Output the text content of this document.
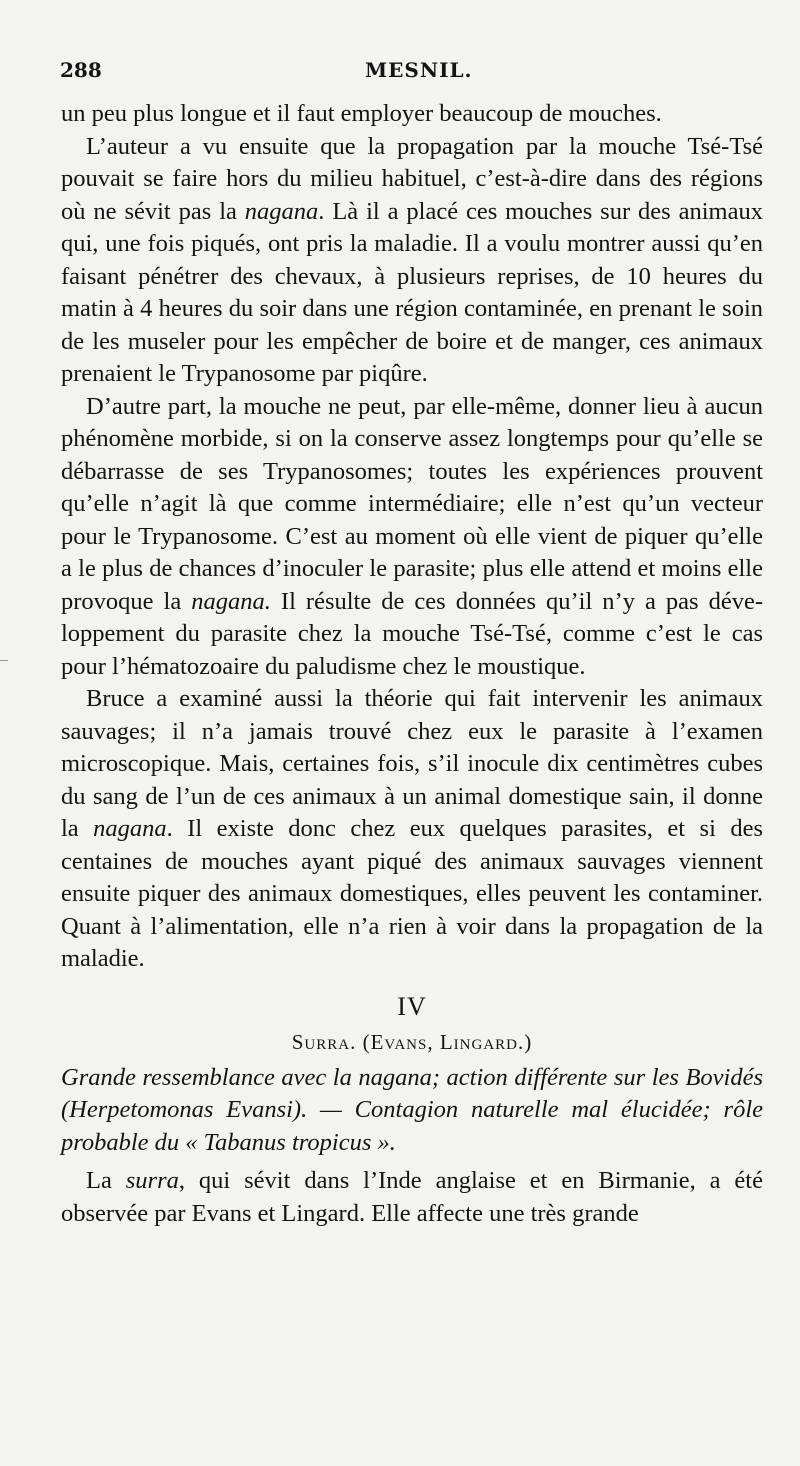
288	MESNIL.

un peu plus longue et il faut employer beaucoup de mouches.

L’auteur a vu ensuite que la propagation par la mouche Tsé-Tsé pouvait se faire hors du milieu habituel, c’est-à-dire dans des régions où ne sévit pas la nagana. Là il a placé ces mouches sur des animaux qui, une fois piqués, ont pris la maladie. Il a voulu montrer aussi qu’en faisant pénétrer des chevaux, à plusieurs reprises, de 10 heures du matin à 4 heures du soir dans une région contaminée, en prenant le soin de les museler pour les empêcher de boire et de manger, ces animaux prenaient le Trypanosome par piqûre.

D’autre part, la mouche ne peut, par elle-même, donner lieu à aucun phénomène morbide, si on la conserve assez longtemps pour qu’elle se débarrasse de ses Trypanosomes; toutes les expériences prouvent qu’elle n’agit là que comme intermédiaire; elle n’est qu’un vecteur pour le Trypanosome. C’est au moment où elle vient de piquer qu’elle a le plus de chances d’inoculer le parasite; plus elle attend et moins elle provoque la nagana. Il résulte de ces données qu’il n’y a pas développement du parasite chez la mouche Tsé-Tsé, comme c’est le cas pour l’hématozoaire du paludisme chez le moustique.

Bruce a examiné aussi la théorie qui fait intervenir les animaux sauvages; il n’a jamais trouvé chez eux le parasite à l’examen microscopique. Mais, certaines fois, s’il inocule dix centimètres cubes du sang de l’un de ces animaux à un animal domestique sain, il donne la nagana. Il existe donc chez eux quelques parasites, et si des centaines de mouches ayant piqué des animaux sauvages viennent ensuite piquer des animaux domestiques, elles peuvent les contaminer. Quant à l’alimentation, elle n’a rien à voir dans la propagation de la maladie.

IV
Surra. (Evans, Lingard.)

Grande ressemblance avec la nagana; action différente sur les Bovidés (Herpetomonas Evansi). — Contagion naturelle mal élucidée; rôle probable du « Tabanus tropicus ».

La surra, qui sévit dans l’Inde anglaise et en Birmanie, a été observée par Evans et Lingard. Elle affecte une très grande
